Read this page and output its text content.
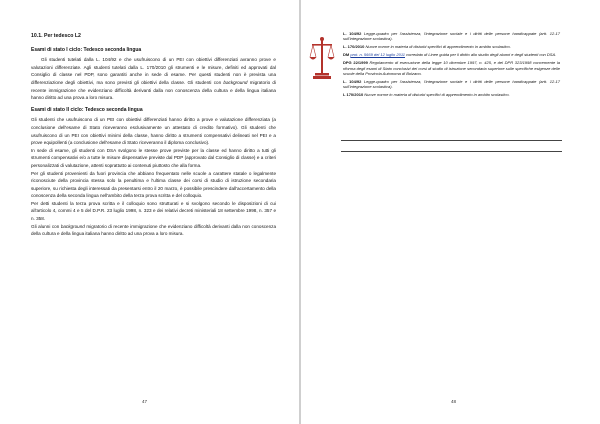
10.1. Per tedesco L2

Esami di stato I ciclo: Tedesco seconda lingua

Gli studenti tutelati dalla L. 104/92 e che usufruiscono di un PEI con obiettivi differenziati avranno prove e valutazioni differenziate. Agli studenti tutelati dalla L. 170/2010 gli strumenti e le misure, definiti ed approvati dal Consiglio di classe nel PDP, sono garantiti anche in sede di esame. Per questi studenti non è prevista una differenziazione degli obiettivi, ma sono previsti gli obiettivi della classe. Gli studenti con background migratorio di recente immigrazione che evidenziano difficoltà derivanti dalla non conoscenza della cultura e della lingua italiana hanno diritto ad una prova a loro misura.

Esami di stato II ciclo: Tedesco seconda lingua

Gli studenti che usufruiscono di un PEI con obiettivi differenziati hanno diritto a prove e valutazione differenziata (a conclusione dell'esame di Stato riceveranno esclusivamente un attestato di credito formativo). Gli studenti che usufruiscono di un PEI con obiettivi minimi della classe, hanno diritto a strumenti compensativi delineati nel PEI e a prove equipollenti (a conclusione dell'esame di Stato riceveranno il diploma conclusivo).

In sede di esame, gli studenti con DSA svolgono le stesse prove previste per la classe ed hanno diritto a tutti gli strumenti compensativi e/o a tutte le misure dispensative previste dal PDP (approvato dal Consiglio di classe) e a criteri personalizzati di valutazione, attenti soprattutto ai contenuti piuttosto che alla forma.

Per gli studenti provenienti da fuori provincia che abbiano frequentato nelle scuole a carattere statale o legalmente riconosciute della provincia stessa solo la penultima e l'ultima classe dei corsi di studio di istruzione secondaria superiore, su richiesta degli interessati da presentarsi entro il 20 marzo, è possibile prescindere dall'accertamento della conoscenza della seconda lingua nell'ambito della terza prova scritta e del colloquio.

Per detti studenti la terza prova scritta e il colloquio sono strutturati e si svolgono secondo le disposizioni di cui all'articolo 4, commi 4 e 5 del D.P.R. 23 luglio 1998, n. 323 e dei relativi decreti ministeriali 18 settembre 1998, n. 357 e n. 358.

Gli alunni con background migratorio di recente immigrazione che evidenziano difficoltà derivanti dalla non conoscenza della cultura e della lingua italiana hanno diritto ad una prova a loro misura.

47

L. 104/92 Legge-quadro per l'assistenza, l'integrazione sociale e i diritti delle persone handicappate (artt. 12-17 sull'integrazione scolastica).

L. 170/2010 Nuove norme in materia di disturbi specifici di apprendimento in ambito scolastico.

DM prot. n. 5669 del 12 luglio 2011 corredato di Linee guida per il diritto allo studio degli alunni e degli studenti con DSA.

DPG 22/1999 Regolamento di esecuzione della legge 10 dicembre 1997, n. 425, e del DPR 323/1998 concernente la riforma degli esami di Stato conclusivi dei corsi di studio di istruzione secondaria superiore sulle specifiche esigenze delle scuole della Provincia Autonoma di Bolzano.

L. 104/92 Legge-quadro per l'assistenza, l'integrazione sociale e i diritti delle persone handicappate (artt. 12-17 sull'integrazione scolastica).

L 170/2010 Nuove norme in materia di disturbi specifici di apprendimento in ambito scolastico.

48
